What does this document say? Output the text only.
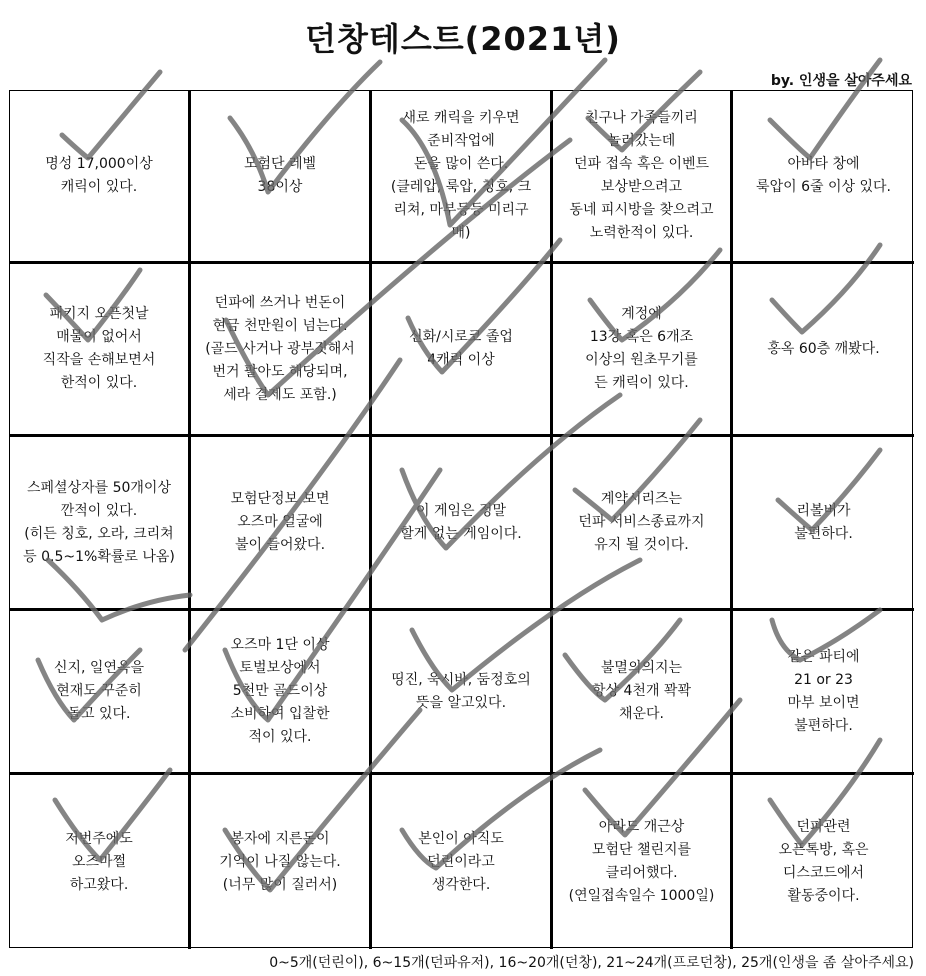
던창테스트(2021년)
by. 인생을 살아주세요
명성 17,000이상
캐릭이 있다.
모험단 레벨
38이상
새로 캐릭을 키우면
준비작업에
돈을 많이 쓴다.
(클레압, 룩압, 칭호, 크
리쳐, 마부등등 미리구
매)
친구나 가족들끼리
놀러갔는데
던파 접속 혹은 이벤트
보상받으려고
동네 피시방을 찾으려고
노력한적이 있다.
아바타 창에
룩압이 6줄 이상 있다.
패키지 오픈첫날
매물이 없어서
직작을 손해보면서
한적이 있다.
던파에 쓰거나 번돈이
현금 천만원이 넘는다.
(골드 사거나 광부짓해서
번거 팔아도 해당되며,
세라 결제도 포함.)
신화/시로코 졸업
4캐릭 이상
계정에
13강 혹은 6개조
이상의 원초무기를
든 캐릭이 있다.
홍옥 60층 깨봤다.
스페셜상자를 50개이상
깐적이 있다.
(히든 칭호, 오라, 크리쳐
등 0.5~1%확률로 나옴)
모험단정보 보면
오즈마 얼굴에
불이 들어왔다.
이 게임은 정말
할게 없는 게임이다.
계약시리즈는
던파 서비스종료까지
유지 될 것이다.
리볼버가
불편하다.
신지, 일연옥을
현재도 꾸준히
돌고 있다.
오즈마 1단 이상
토벌보상에서
5천만 골드이상
소비하여 입찰한
적이 있다.
띵진, 욱시바, 둠정호의
뜻을 알고있다.
불멸의의지는
항상 4천개 꽉꽉
채운다.
같은 파티에
21 or 23
마부 보이면
불편하다.
저번주에도
오즈마쩔
하고왔다.
봉자에 지른돈이
기억이 나질 않는다.
(너무 많이 질러서)
본인이 아직도
던린이라고
생각한다.
아라드 개근상
모험단 챌린지를
클리어했다.
(연일접속일수 1000일)
던파관련
오픈톡방, 혹은
디스코드에서
활동중이다.
0~5개(던린이), 6~15개(던파유저), 16~20개(던창), 21~24개(프로던창), 25개(인생을 좀 살아주세요)
